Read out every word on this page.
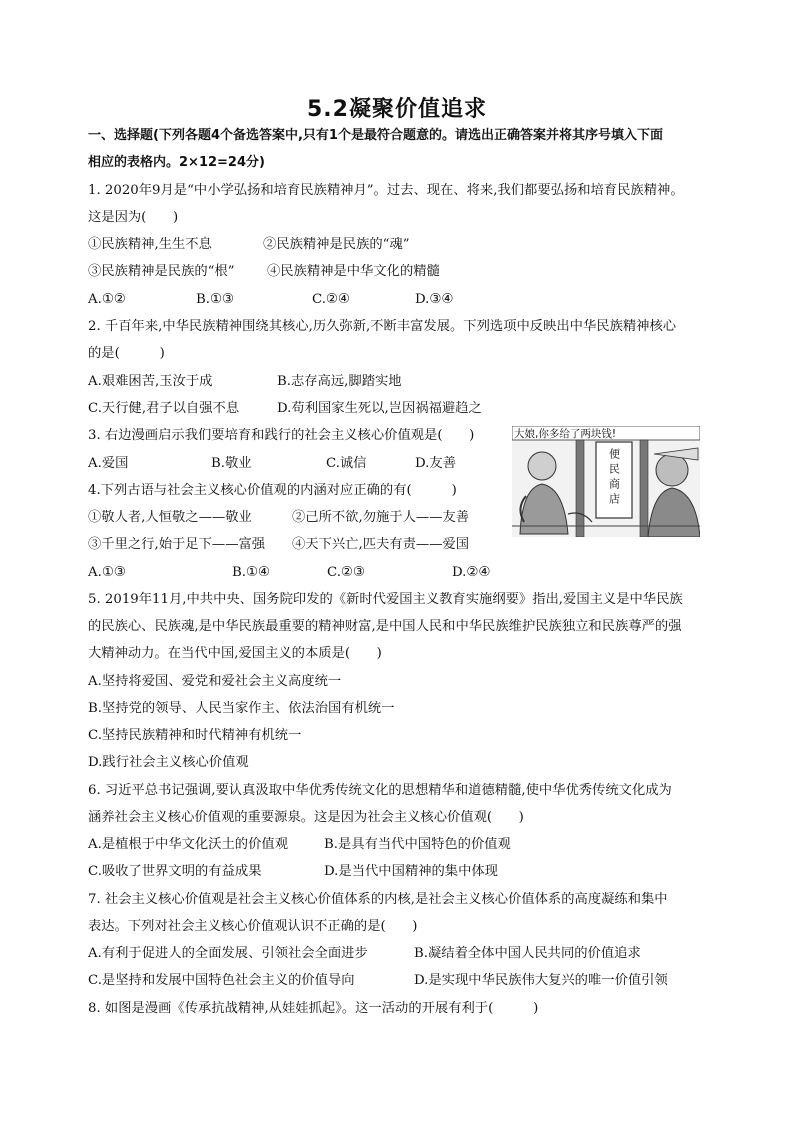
5.2凝聚价值追求
一、选择题(下列各题4个备选答案中,只有1个是最符合题意的。请选出正确答案并将其序号填入下面
相应的表格内。2×12=24分)
1. 2020年9月是“中小学弘扬和培育民族精神月”。过去、现在、将来,我们都要弘扬和培育民族精神。
这是因为(　　)
①民族精神,生生不息	②民族精神是民族的“魂”
③民族精神是民族的“根” ④民族精神是中华文化的精髓
A.①②	B.①③	C.②④	D.③④
2. 千百年来,中华民族精神围绕其核心,历久弥新,不断丰富发展。下列选项中反映出中华民族精神核心
的是(　　　)
A.艰难困苦,玉汝于成	B.志存高远,脚踏实地
C.天行健,君子以自强不息	D.苟利国家生死以,岂因祸福避趋之
3. 右边漫画启示我们要培育和践行的社会主义核心价值观是(　　)
A.爱国	B.敬业	C.诚信	D.友善
大娘,你多给了两块钱!
便民商店
4.下列古语与社会主义核心价值观的内涵对应正确的有(　　　)
①敬人者,人恒敬之——敬业	②己所不欲,勿施于人——友善
③千里之行,始于足下——富强 ④天下兴亡,匹夫有责——爱国
A.①③	B.①④	C.②③	D.②④
5. 2019年11月,中共中央、国务院印发的《新时代爱国主义教育实施纲要》指出,爱国主义是中华民族
的民族心、民族魂,是中华民族最重要的精神财富,是中国人民和中华民族维护民族独立和民族尊严的强
大精神动力。在当代中国,爱国主义的本质是(　　)
A.坚持将爱国、爱党和爱社会主义高度统一
B.坚持党的领导、人民当家作主、依法治国有机统一
C.坚持民族精神和时代精神有机统一
D.践行社会主义核心价值观
6. 习近平总书记强调,要认真汲取中华优秀传统文化的思想精华和道德精髓,使中华优秀传统文化成为
涵养社会主义核心价值观的重要源泉。这是因为社会主义核心价值观(　　)
A.是植根于中华文化沃土的价值观	B.是具有当代中国特色的价值观
C.吸收了世界文明的有益成果	D.是当代中国精神的集中体现
7. 社会主义核心价值观是社会主义核心价值体系的内核,是社会主义核心价值体系的高度凝练和集中
表达。下列对社会主义核心价值观认识不正确的是(　　)
A.有利于促进人的全面发展、引领社会全面进步	B.凝结着全体中国人民共同的价值追求
C.是坚持和发展中国特色社会主义的价值导向	D.是实现中华民族伟大复兴的唯一价值引领
8. 如图是漫画《传承抗战精神,从娃娃抓起》。这一活动的开展有利于(　　　)
